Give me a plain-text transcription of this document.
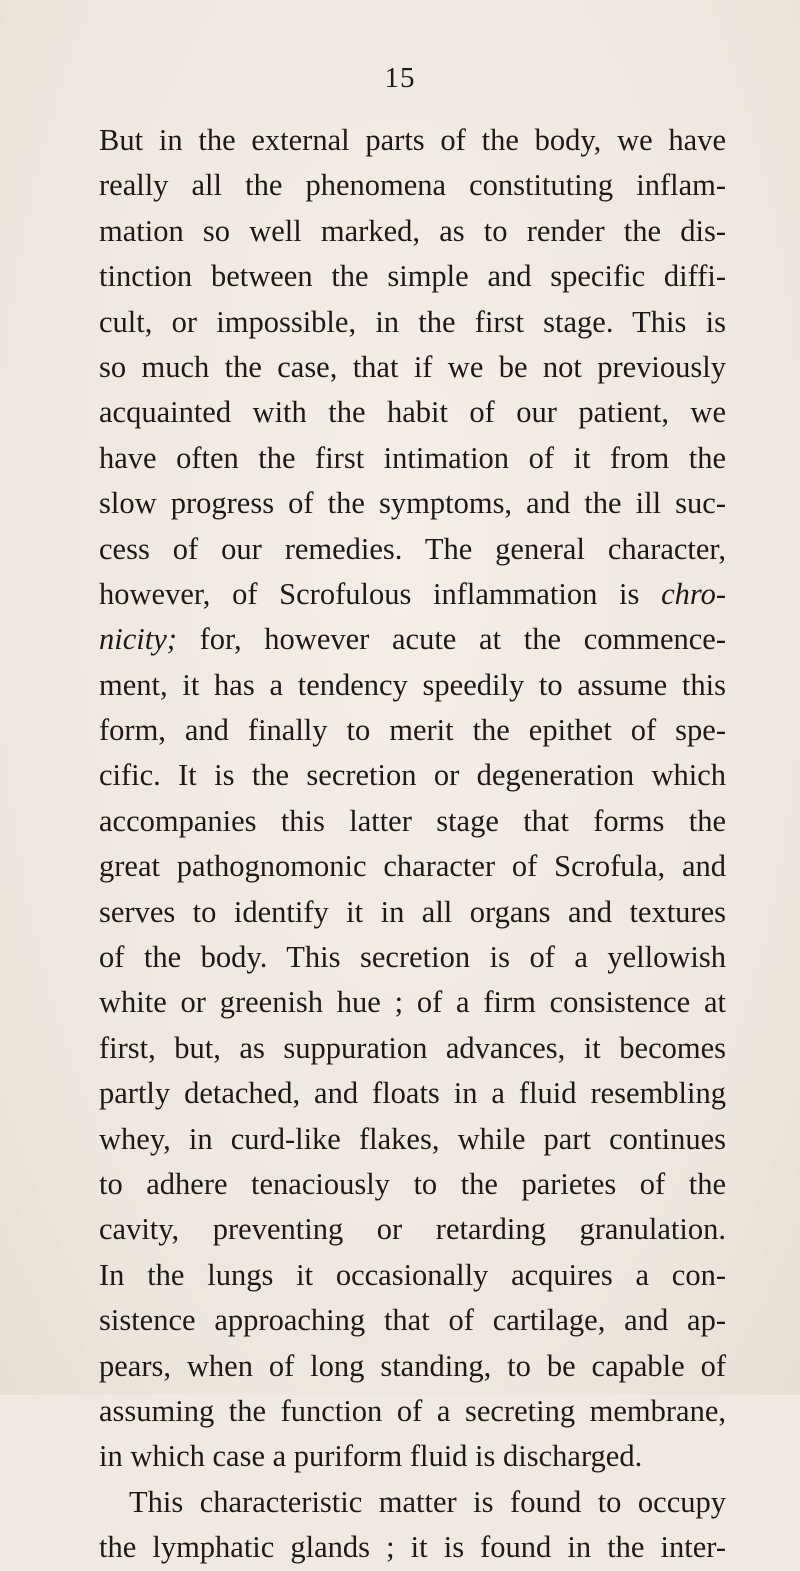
15
But in the external parts of the body, we have
really all the phenomena constituting inflam-
mation so well marked, as to render the dis-
tinction between the simple and specific diffi-
cult, or impossible, in the first stage. This is
so much the case, that if we be not previously
acquainted with the habit of our patient, we
have often the first intimation of it from the
slow progress of the symptoms, and the ill suc-
cess of our remedies. The general character,
however, of Scrofulous inflammation is chro-
nicity; for, however acute at the commence-
ment, it has a tendency speedily to assume this
form, and finally to merit the epithet of spe-
cific. It is the secretion or degeneration which
accompanies this latter stage that forms the
great pathognomonic character of Scrofula, and
serves to identify it in all organs and textures
of the body. This secretion is of a yellowish
white or greenish hue ; of a firm consistence at
first, but, as suppuration advances, it becomes
partly detached, and floats in a fluid resembling
whey, in curd-like flakes, while part continues
to adhere tenaciously to the parietes of the
cavity, preventing or retarding granulation.
In the lungs it occasionally acquires a con-
sistence approaching that of cartilage, and ap-
pears, when of long standing, to be capable of
assuming the function of a secreting membrane,
in which case a puriform fluid is discharged.
This characteristic matter is found to occupy
the lymphatic glands ; it is found in the inter-
